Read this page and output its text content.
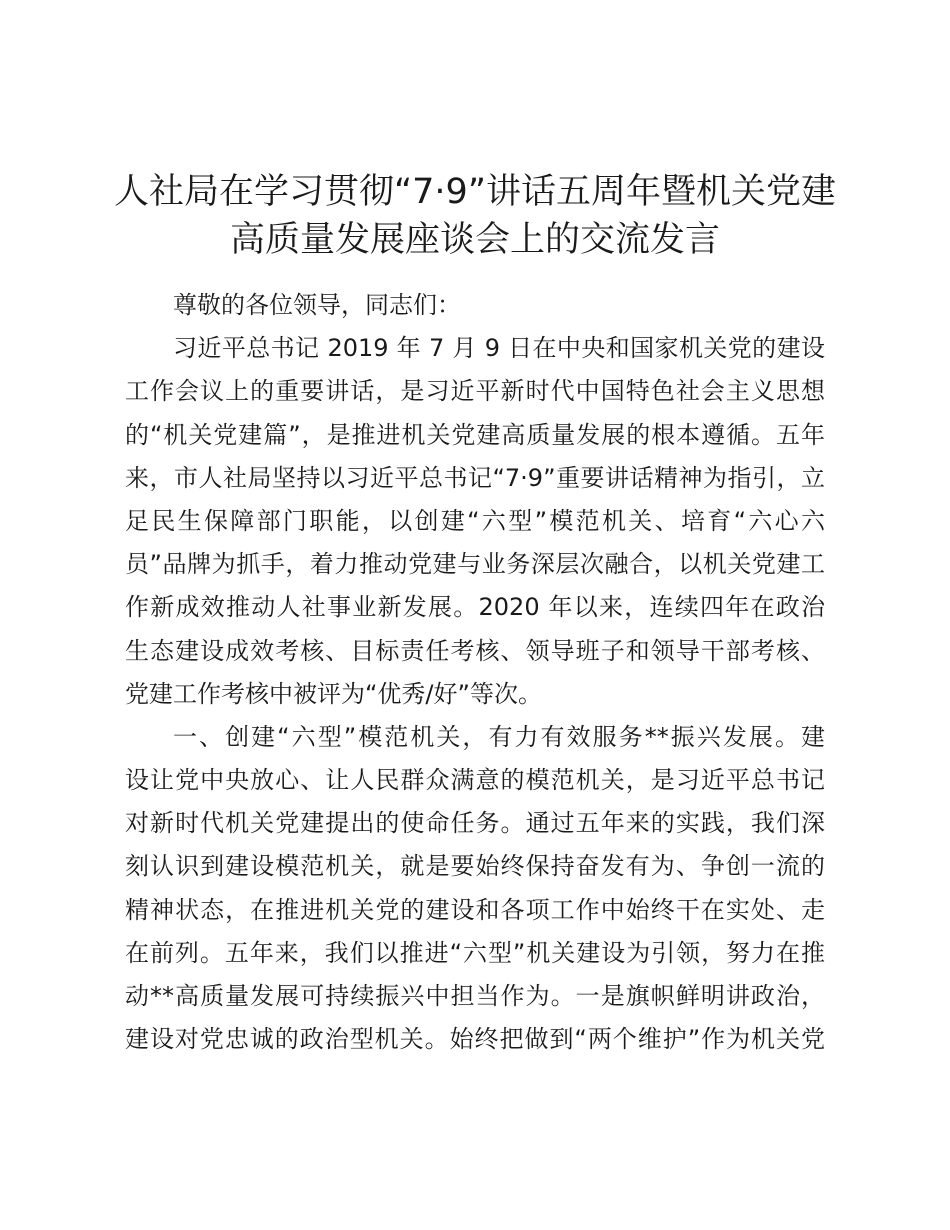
人社局在学习贯彻“7·9”讲话五周年暨机关党建
高质量发展座谈会上的交流发言
尊敬的各位领导，同志们：
习近平总书记 2019 年 7 月 9 日在中央和国家机关党的建设
工作会议上的重要讲话，是习近平新时代中国特色社会主义思想
的“机关党建篇”，是推进机关党建高质量发展的根本遵循。五年
来，市人社局坚持以习近平总书记“7·9”重要讲话精神为指引，立
足民生保障部门职能，以创建“六型”模范机关、培育“六心六
员”品牌为抓手，着力推动党建与业务深层次融合，以机关党建工
作新成效推动人社事业新发展。2020 年以来，连续四年在政治
生态建设成效考核、目标责任考核、领导班子和领导干部考核、
党建工作考核中被评为“优秀/好”等次。
一、创建“六型”模范机关，有力有效服务**振兴发展。建
设让党中央放心、让人民群众满意的模范机关，是习近平总书记
对新时代机关党建提出的使命任务。通过五年来的实践，我们深
刻认识到建设模范机关，就是要始终保持奋发有为、争创一流的
精神状态，在推进机关党的建设和各项工作中始终干在实处、走
在前列。五年来，我们以推进“六型”机关建设为引领，努力在推
动**高质量发展可持续振兴中担当作为。一是旗帜鲜明讲政治，
建设对党忠诚的政治型机关。始终把做到“两个维护”作为机关党
